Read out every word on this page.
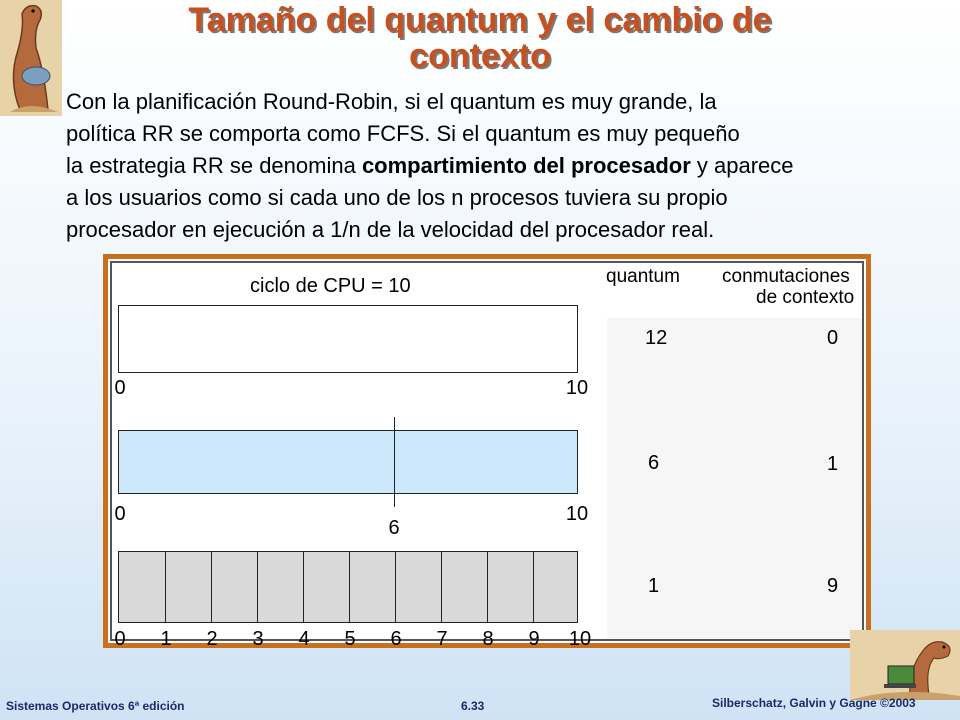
Tamaño del quantum y el cambio de
contexto
Con la planificación Round-Robin, si el quantum es muy grande, la
política RR se comporta como FCFS. Si el quantum es muy pequeño
la estrategia RR se denomina compartimiento del procesador y aparece
a los usuarios como si cada uno de los n procesos tuviera su propio
procesador en ejecución a 1/n de la velocidad del procesador real.
ciclo de CPU = 10	quantum conmutaciones
de contexto
0	10
12	0
0
6
10
6	1
0 1 2 3 4 5 6 7 8 9 10
1	9
Sistemas Operativos 6ª edición	6.33	Silberschatz, Galvin y Gagne ©2003
